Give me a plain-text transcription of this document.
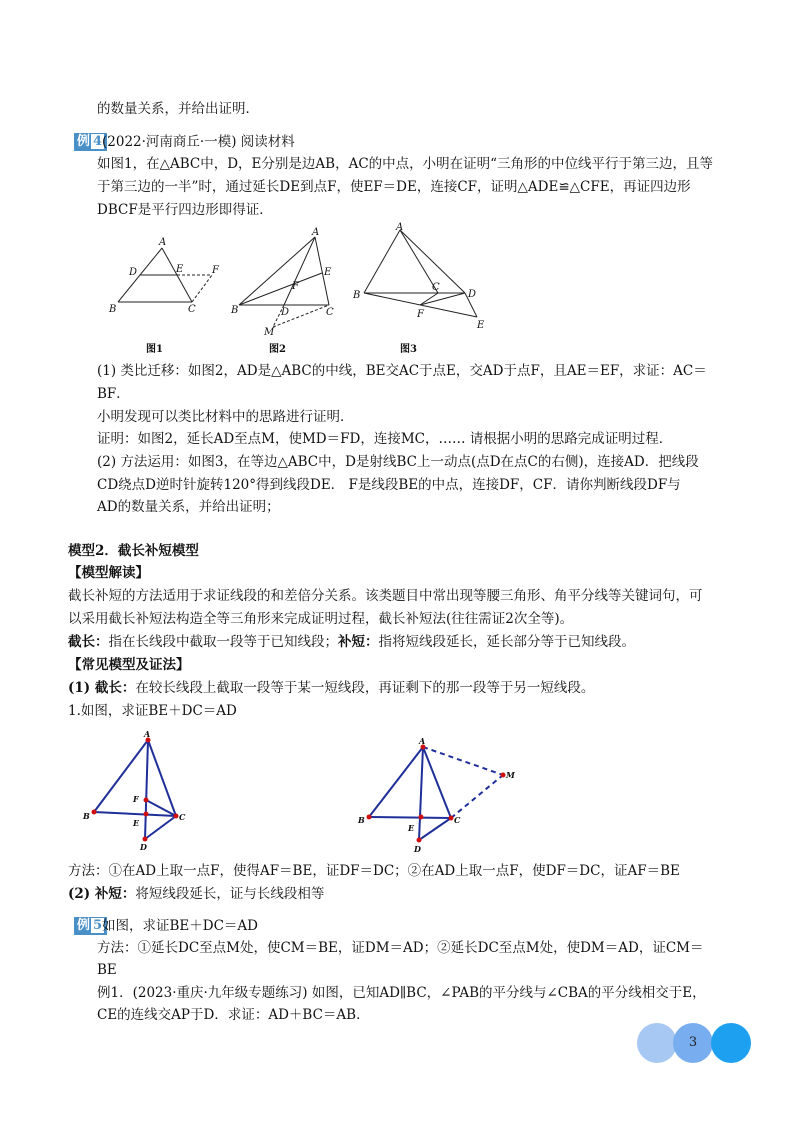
的数量关系，并给出证明．
例 4 (2022·河南商丘·一模) 阅读材料
如图1，在△ABC中，D，E分别是边AB，AC的中点，小明在证明“三角形的中位线平行于第三边，且等
于第三边的一半”时，通过延长DE到点F，使EF＝DE，连接CF，证明△ADE≌△CFE，再证四边形
DBCF是平行四边形即得证．
A
D	E	F
B	C
图1
A
E
F
B	D	C
M
图2
A
B
C
D
F
E
图3
(1) 类比迁移：如图2，AD是△ABC的中线，BE交AC于点E，交AD于点F，且AE＝EF，求证：AC＝
BF．
小明发现可以类比材料中的思路进行证明．
证明：如图2，延长AD至点M，使MD＝FD，连接MC，…… 请根据小明的思路完成证明过程．
(2) 方法运用：如图3，在等边△ABC中，D是射线BC上一动点(点D在点C的右侧)，连接AD．把线段
CD绕点D逆时针旋转120°得到线段DE． F是线段BE的中点，连接DF，CF．请你判断线段DF与
AD的数量关系，并给出证明；
模型2．截长补短模型
【模型解读】
截长补短的方法适用于求证线段的和差倍分关系。该类题目中常出现等腰三角形、角平分线等关键词句，可
以采用截长补短法构造全等三角形来完成证明过程，截长补短法(往往需证2次全等)。
截长：指在长线段中截取一段等于已知线段；补短：指将短线段延长，延长部分等于已知线段。
【常见模型及证法】
(1) 截长：在较长线段上截取一段等于某一短线段，再证剩下的那一段等于另一短线段。
1.如图，求证BE＋DC＝AD
A
B
F
C
E
D
A
B	C
E
D
M
方法：①在AD上取一点F，使得AF＝BE，证DF＝DC；②在AD上取一点F，使DF＝DC，证AF＝BE
(2) 补短：将短线段延长，证与长线段相等
例 5 如图，求证BE＋DC＝AD
方法：①延长DC至点M处，使CM＝BE，证DM＝AD；②延长DC至点M处，使DM＝AD，证CM＝
BE
例1．(2023·重庆·九年级专题练习) 如图，已知AD∥BC，∠PAB的平分线与∠CBA的平分线相交于E，
CE的连线交AP于D．求证：AD＋BC＝AB．
3
